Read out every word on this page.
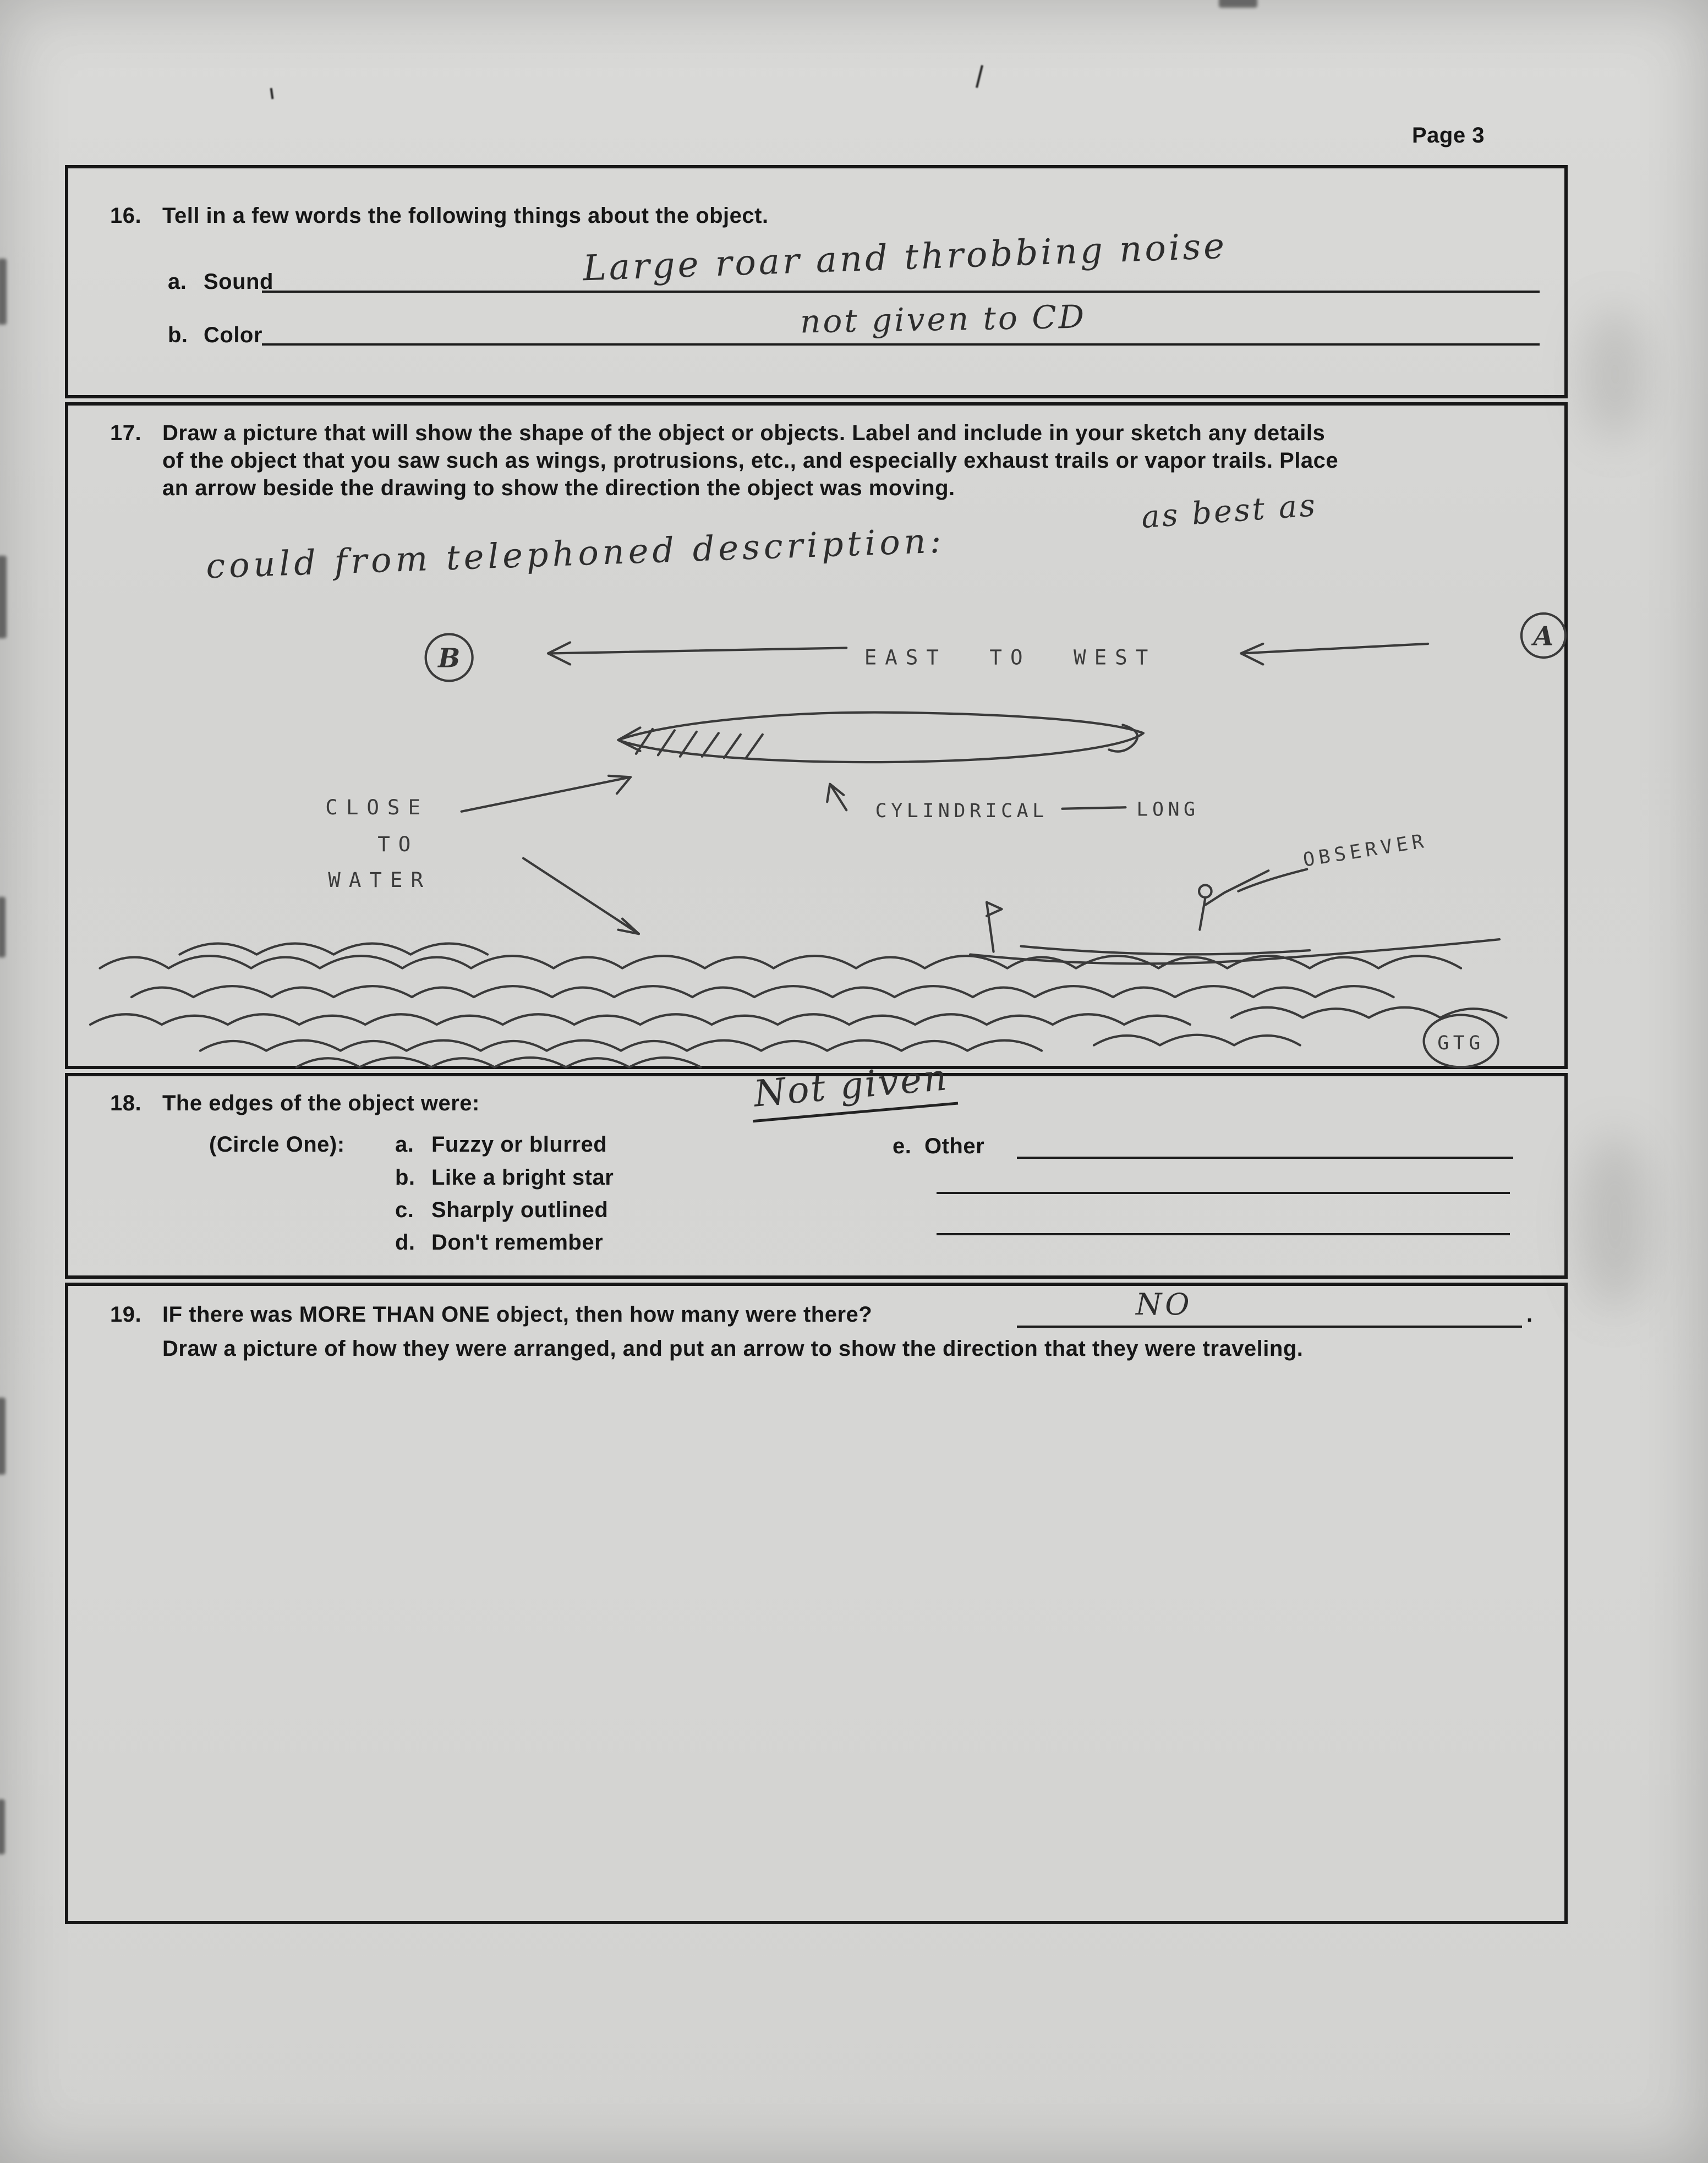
Page 3
16. Tell in a few words the following things about the object.
a. Sound	Large roar and throbbing noise
b. Color	not given to CD
17. Draw a picture that will show the shape of the object or objects. Label and include in your sketch any details
of the object that you saw such as wings, protrusions, etc., and especially exhaust trails or vapor trails. Place
an arrow beside the drawing to show the direction the object was moving.	as best as
could from telephoned description:
B	EAST TO WEST
A
CLOSE
TO
WATER
CYLINDRICAL	LONG
OBSERVER
GTG
18. The edges of the object were:	Not given
(Circle One): a. Fuzzy or blurred
b. Like a bright star
c. Sharply outlined
d. Don't remember
e. Other
19. IF there was MORE THAN ONE object, then how many were there?	NO	.
Draw a picture of how they were arranged, and put an arrow to show the direction that they were traveling.
